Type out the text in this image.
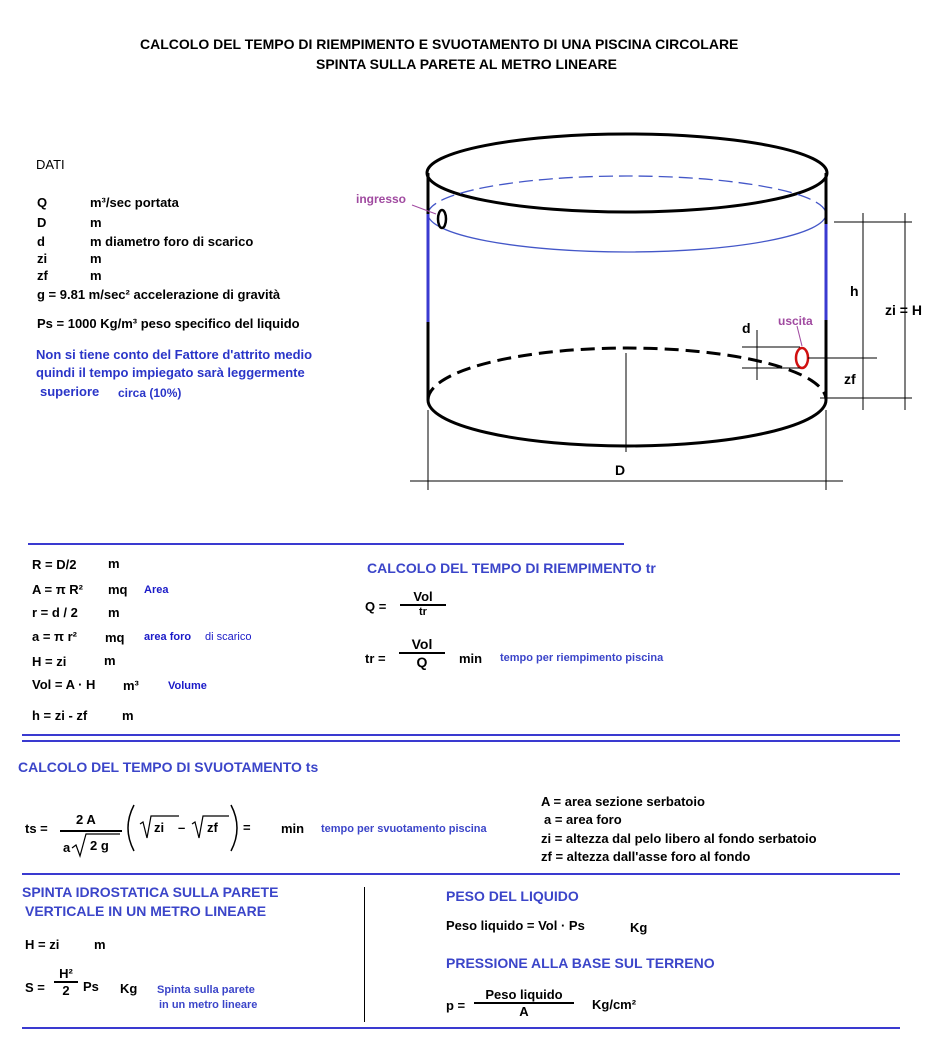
CALCOLO DEL TEMPO DI RIEMPIMENTO E SVUOTAMENTO DI UNA PISCINA CIRCOLARE
SPINTA SULLA PARETE AL METRO LINEARE
DATI
Q	m³/sec portata
D	m
d	m diametro foro di scarico
zi	m
zf	m
g = 9.81 m/sec² accelerazione di gravità
Ps = 1000 Kg/m³ peso specifico del liquido
Non si tiene conto del Fattore d'attrito medio
quindi il tempo impiegato sarà leggermente
superiore circa (10%)
ingresso
uscita
h
zi = H
d
zf
D
R = D/2 m
A = π R² mq Area
r = d / 2 m
a = π r² mq area foro di scarico
H = zi	m
Vol = A · H m³	Volume
h = zi - zf	m
CALCOLO DEL TEMPO DI RIEMPIMENTO tr
Q =
Vol
tr
tr =
Vol
Q min tempo per riempimento piscina
CALCOLO DEL TEMPO DI SVUOTAMENTO ts
ts =
2 A
a 2 g
zi – zf = min tempo per svuotamento piscina
A = area sezione serbatoio
a = area foro
zi = altezza dal pelo libero al fondo serbatoio
zf = altezza dall'asse foro al fondo
SPINTA IDROSTATICA SULLA PARETE
VERTICALE IN UN METRO LINEARE
H = zi	m
S =
H²
2 Ps Kg Spinta sulla parete
in un metro lineare
PESO DEL LIQUIDO
Peso liquido = Vol · Ps	Kg
PRESSIONE ALLA BASE SUL TERRENO
p =
Peso liquido
A	Kg/cm²
